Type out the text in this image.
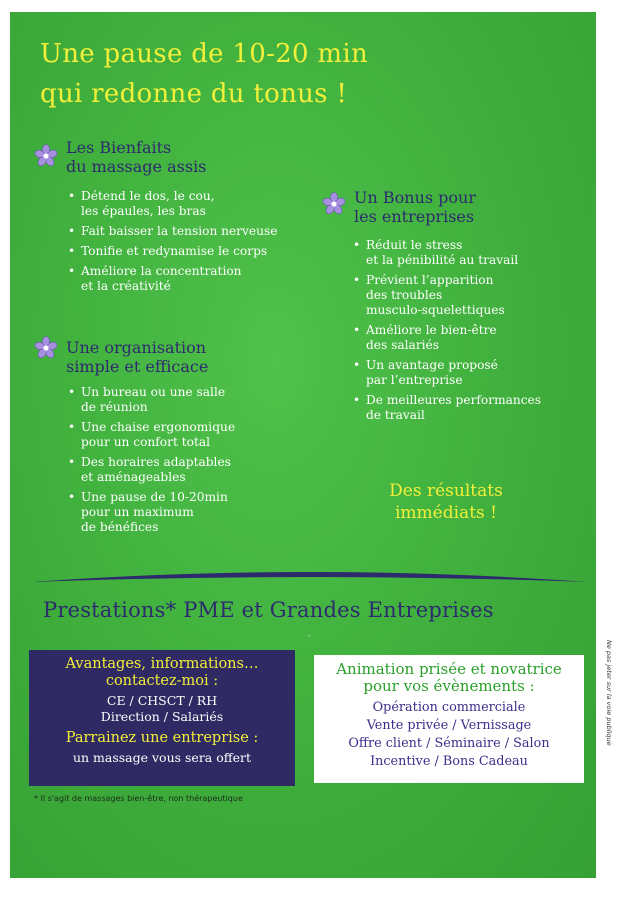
Une pause de 10-20 min
qui redonne du tonus !
Les Bienfaits
du massage assis
• Détend le dos, le cou,
les épaules, les bras
• Fait baisser la tension nerveuse
• Tonifie et redynamise le corps
• Améliore la concentration
et la créativité
Un Bonus pour
les entreprises
• Réduit le stress
et la pénibilité au travail
• Prévient l’apparition
des troubles
musculo-squelettiques
• Améliore le bien-être
des salariés
• Un avantage proposé
par l’entreprise
• De meilleures performances
de travail
Une organisation
simple et efficace
• Un bureau ou une salle
de réunion
• Une chaise ergonomique
pour un confort total
• Des horaires adaptables
et aménageables
• Une pause de 10-20min
pour un maximum
de bénéfices
Des résultats
immédiats !
Prestations* PME et Grandes Entreprises
ʻ
Avantages, informations…
contactez-moi :
CE / CHSCT / RH
Direction / Salariés
Parrainez une entreprise :
un massage vous sera offert
Animation prisée et novatrice
pour vos évènements :
Opération commerciale
Vente privée / Vernissage
Offre client / Séminaire / Salon
Incentive / Bons Cadeau
* Il s'agit de massages bien-être, non thérapeutique
Ne pas jeter sur la voie publique
